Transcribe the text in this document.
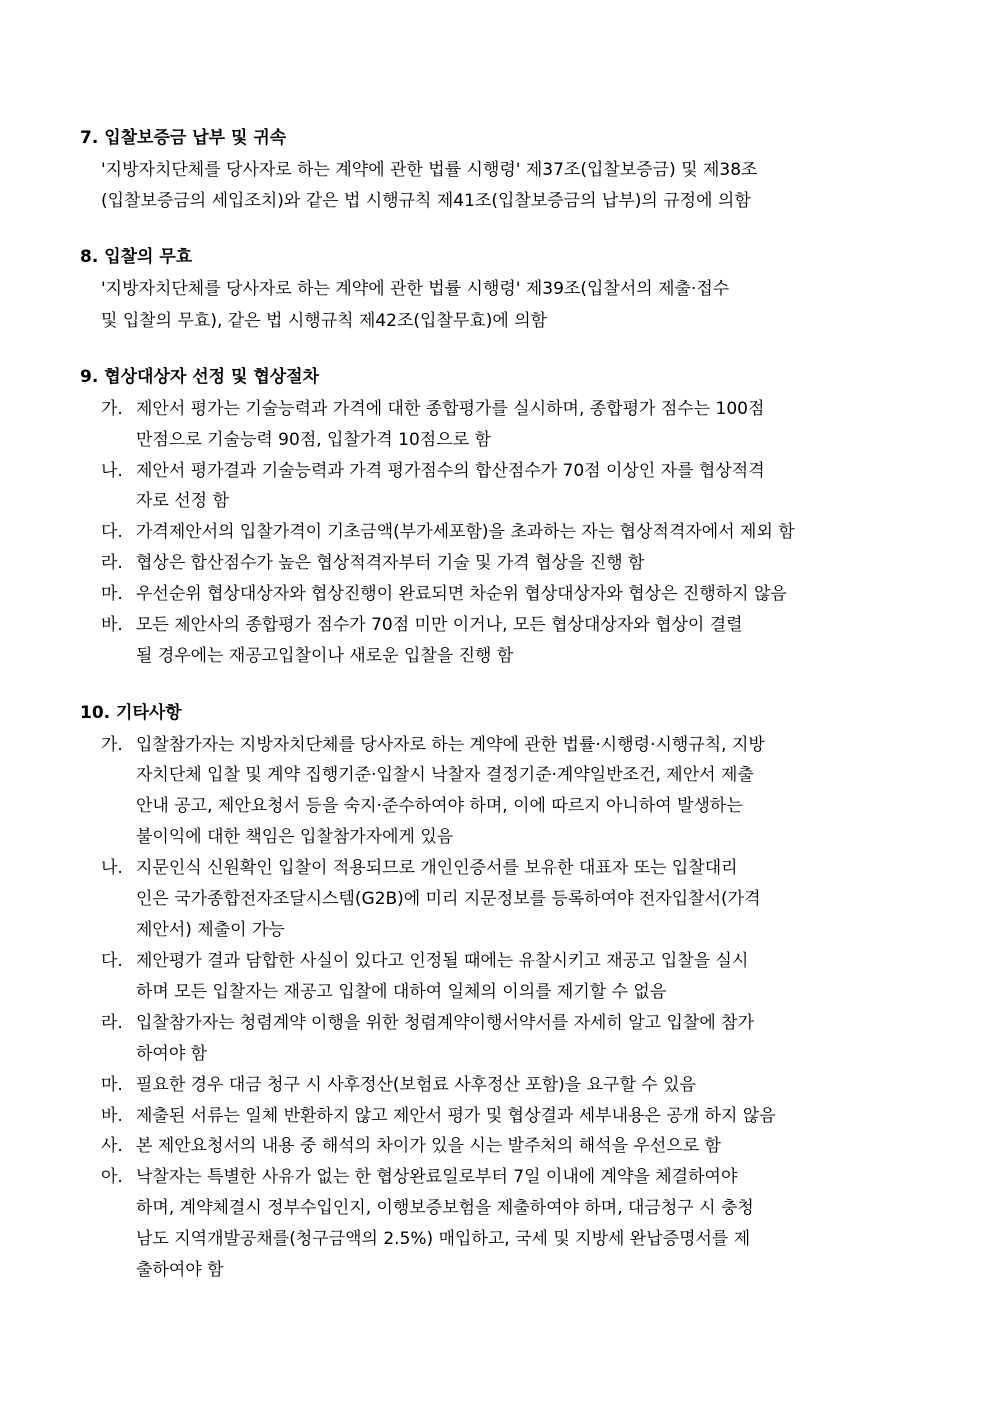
7. 입찰보증금 납부 및 귀속
'지방자치단체를 당사자로 하는 계약에 관한 법률 시행령' 제37조(입찰보증금) 및 제38조
(입찰보증금의 세입조치)와 같은 법 시행규칙 제41조(입찰보증금의 납부)의 규정에 의함
8. 입찰의 무효
'지방자치단체를 당사자로 하는 계약에 관한 법률 시행령' 제39조(입찰서의 제출·접수
및 입찰의 무효), 같은 법 시행규칙 제42조(입찰무효)에 의함
9. 협상대상자 선정 및 협상절차
가. 제안서 평가는 기술능력과 가격에 대한 종합평가를 실시하며, 종합평가 점수는 100점
만점으로 기술능력 90점, 입찰가격 10점으로 함
나. 제안서 평가결과 기술능력과 가격 평가점수의 합산점수가 70점 이상인 자를 협상적격
자로 선정 함
다. 가격제안서의 입찰가격이 기초금액(부가세포함)을 초과하는 자는 협상적격자에서 제외 함
라. 협상은 합산점수가 높은 협상적격자부터 기술 및 가격 협상을 진행 함
마. 우선순위 협상대상자와 협상진행이 완료되면 차순위 협상대상자와 협상은 진행하지 않음
바. 모든 제안사의 종합평가 점수가 70점 미만 이거나, 모든 협상대상자와 협상이 결렬
될 경우에는 재공고입찰이나 새로운 입찰을 진행 함
10. 기타사항
가. 입찰참가자는 지방자치단체를 당사자로 하는 계약에 관한 법률·시행령·시행규칙, 지방
자치단체 입찰 및 계약 집행기준·입찰시 낙찰자 결정기준·계약일반조건, 제안서 제출
안내 공고, 제안요청서 등을 숙지·준수하여야 하며, 이에 따르지 아니하여 발생하는
불이익에 대한 책임은 입찰참가자에게 있음
나. 지문인식 신원확인 입찰이 적용되므로 개인인증서를 보유한 대표자 또는 입찰대리
인은 국가종합전자조달시스템(G2B)에 미리 지문정보를 등록하여야 전자입찰서(가격
제안서) 제출이 가능
다. 제안평가 결과 담합한 사실이 있다고 인정될 때에는 유찰시키고 재공고 입찰을 실시
하며 모든 입찰자는 재공고 입찰에 대하여 일체의 이의를 제기할 수 없음
라. 입찰참가자는 청렴계약 이행을 위한 청렴계약이행서약서를 자세히 알고 입찰에 참가
하여야 함
마. 필요한 경우 대금 청구 시 사후정산(보험료 사후정산 포함)을 요구할 수 있음
바. 제출된 서류는 일체 반환하지 않고 제안서 평가 및 협상결과 세부내용은 공개 하지 않음
사. 본 제안요청서의 내용 중 해석의 차이가 있을 시는 발주처의 해석을 우선으로 함
아. 낙찰자는 특별한 사유가 없는 한 협상완료일로부터 7일 이내에 계약을 체결하여야
하며, 계약체결시 정부수입인지, 이행보증보험을 제출하여야 하며, 대금청구 시 충청
남도 지역개발공채를(청구금액의 2.5%) 매입하고, 국세 및 지방세 완납증명서를 제
출하여야 함
